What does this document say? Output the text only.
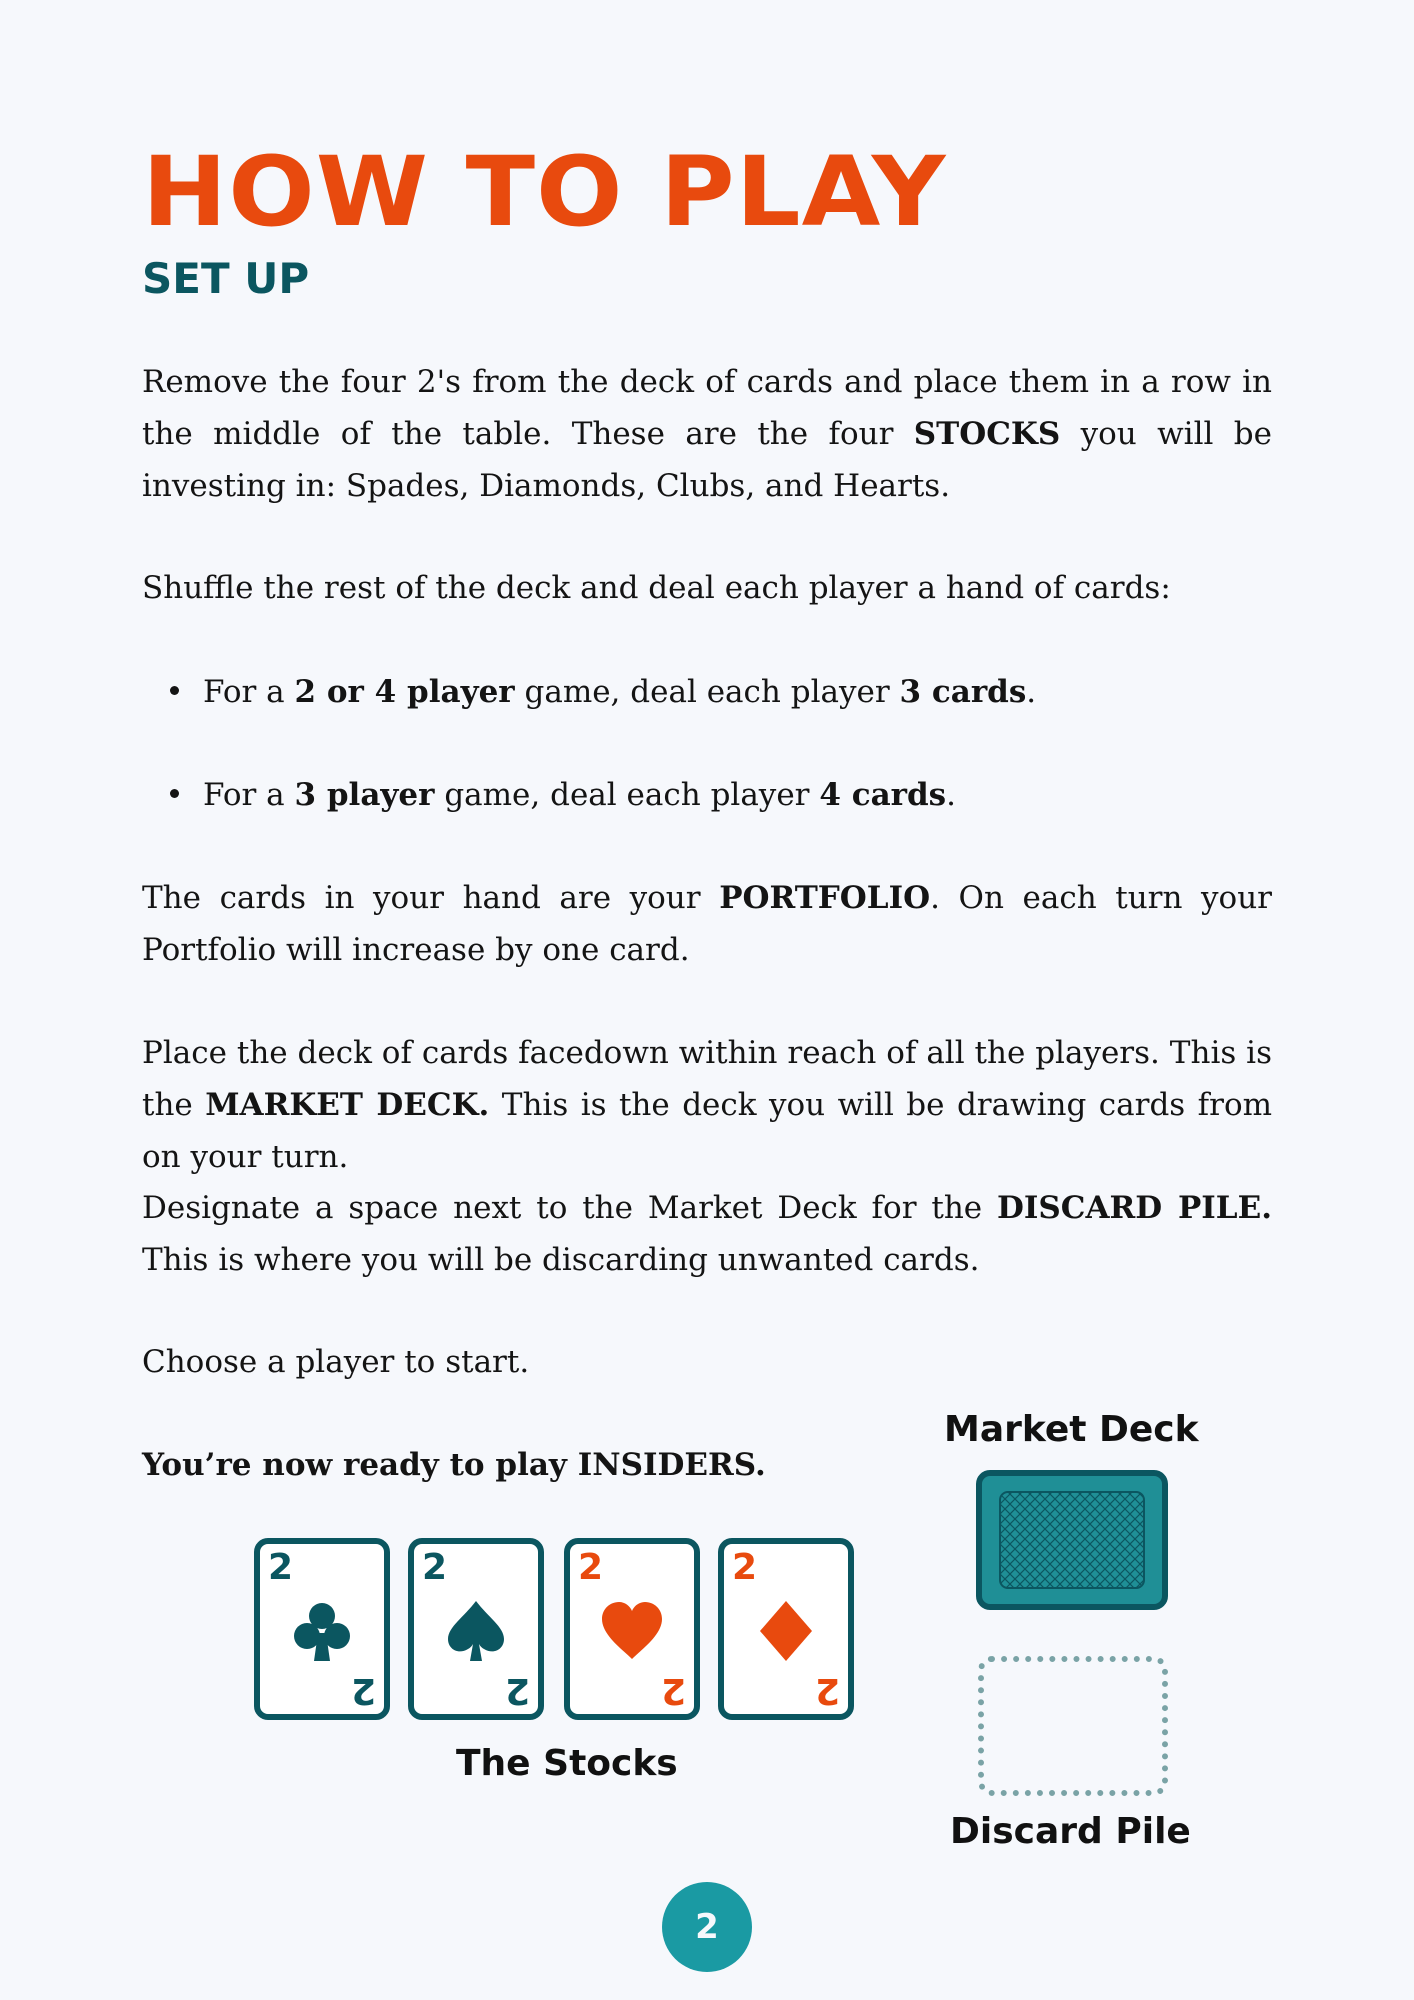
HOW TO PLAY
SET UP

Remove the four 2's from the deck of cards and place them in a row in the middle of the table. These are the four STOCKS you will be investing in: Spades, Diamonds, Clubs, and Hearts.

Shuffle the rest of the deck and deal each player a hand of cards:

For a 2 or 4 player game, deal each player 3 cards.

For a 3 player game, deal each player 4 cards.

The cards in your hand are your PORTFOLIO. On each turn your Portfolio will increase by one card.

Place the deck of cards facedown within reach of all the players. This is the MARKET DECK. This is the deck you will be drawing cards from on your turn.

Designate a space next to the Market Deck for the DISCARD PILE. This is where you will be discarding unwanted cards.

Choose a player to start.

You’re now ready to play INSIDERS.

2
2
2
2
2
2
2
2
The Stocks
Market Deck
Discard Pile
2
